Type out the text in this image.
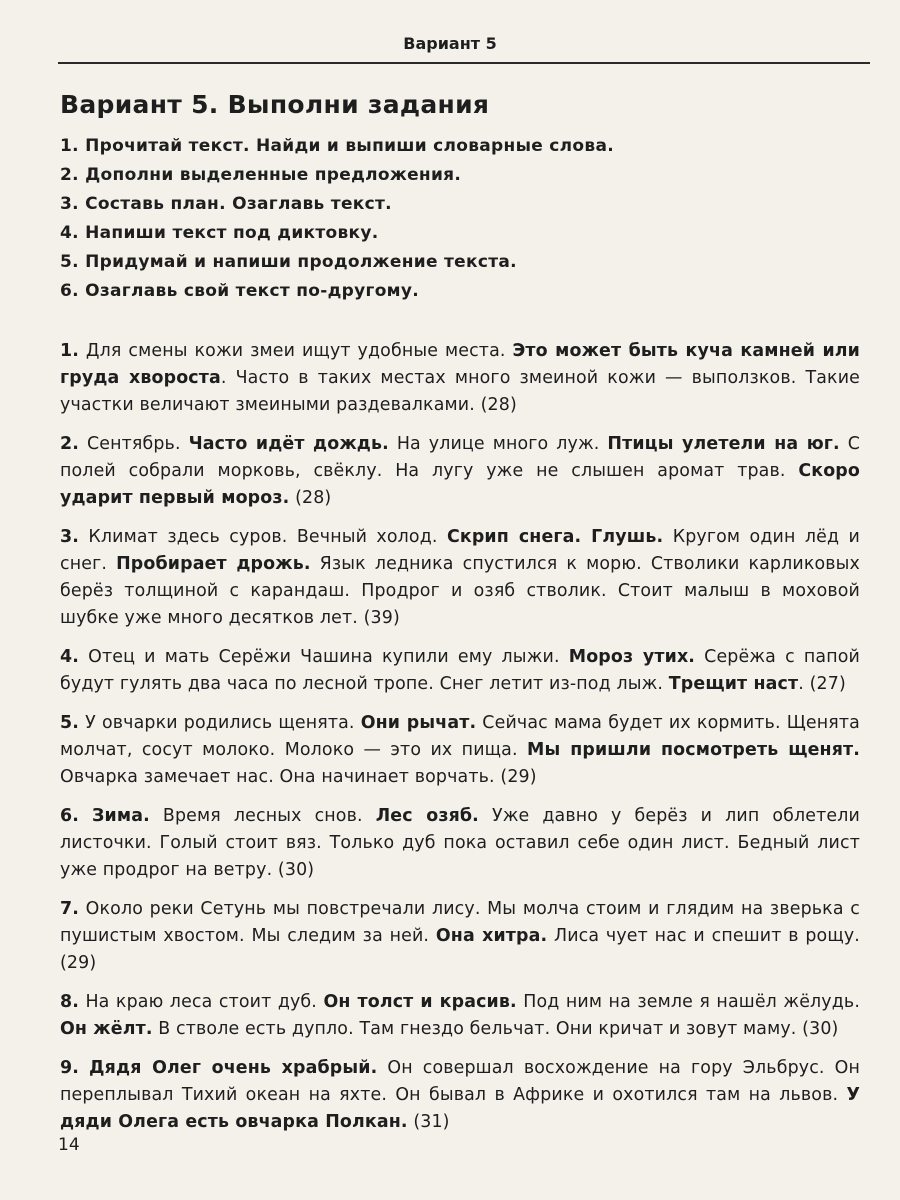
Вариант 5
Вариант 5. Выполни задания
1. Прочитай текст. Найди и выпиши словарные слова.
2. Дополни выделенные предложения.
3. Составь план. Озаглавь текст.
4. Напиши текст под диктовку.
5. Придумай и напиши продолжение текста.
6. Озаглавь свой текст по-другому.

1. Для смены кожи змеи ищут удобные места. Это может быть куча камней или груда хвороста. Часто в таких местах много змеиной кожи — выползков. Такие участки величают змеиными раздевалками. (28)

2. Сентябрь. Часто идёт дождь. На улице много луж. Птицы улетели на юг. С полей собрали морковь, свёклу. На лугу уже не слышен аромат трав. Скоро ударит первый мороз. (28)

3. Климат здесь суров. Вечный холод. Скрип снега. Глушь. Кругом один лёд и снег. Пробирает дрожь. Язык ледника спустился к морю. Стволики карликовых берёз толщиной с карандаш. Продрог и озяб стволик. Стоит малыш в моховой шубке уже много десятков лет. (39)

4. Отец и мать Серёжи Чашина купили ему лыжи. Мороз утих. Серёжа с папой будут гулять два часа по лесной тропе. Снег летит из-под лыж. Трещит наст. (27)

5. У овчарки родились щенята. Они рычат. Сейчас мама будет их кормить. Щенята молчат, сосут молоко. Молоко — это их пища. Мы пришли посмотреть щенят. Овчарка замечает нас. Она начинает ворчать. (29)

6. Зима. Время лесных снов. Лес озяб. Уже давно у берёз и лип облетели листочки. Голый стоит вяз. Только дуб пока оставил себе один лист. Бедный лист уже продрог на ветру. (30)

7. Около реки Сетунь мы повстречали лису. Мы молча стоим и глядим на зверька с пушистым хвостом. Мы следим за ней. Она хитра. Лиса чует нас и спешит в рощу. (29)

8. На краю леса стоит дуб. Он толст и красив. Под ним на земле я нашёл жёлудь. Он жёлт. В стволе есть дупло. Там гнездо бельчат. Они кричат и зовут маму. (30)

9. Дядя Олег очень храбрый. Он совершал восхождение на гору Эльбрус. Он переплывал Тихий океан на яхте. Он бывал в Африке и охотился там на львов. У дяди Олега есть овчарка Полкан. (31)

14
